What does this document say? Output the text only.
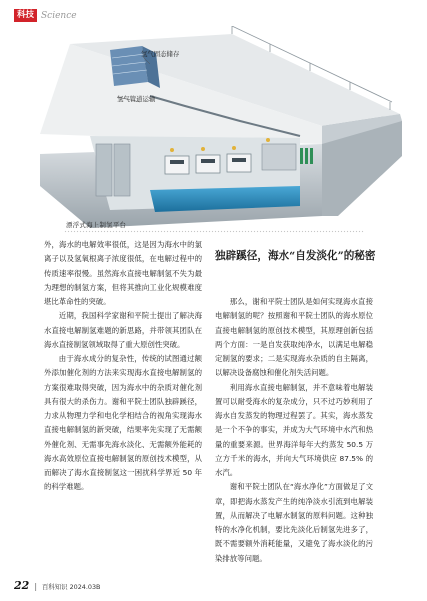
科技 Science
氢气固态储存
氢气管道运输
漂浮式海上制氢平台

外，海水的电解效率很低，这是因为海水中的氯离子以及氢氧根离子浓度很低，在电解过程中的传质速率很慢。虽然海水直接电解制氢不失为最为理想的制氢方案，但将其推向工业化规模难度堪比革命性的突破。

近期，我国科学家谢和平院士提出了解决海水直接电解制氢难题的新思路，并带领其团队在海水直接制氢领域取得了重大原创性突破。

由于海水成分的复杂性，传统的试图通过额外添加催化剂的方法来实现海水直接电解制氢的方案很难取得突破，因为海水中的杂质对催化剂具有很大的杀伤力。谢和平院士团队独辟蹊径，力求从物理力学和电化学相结合的视角实现海水直接电解制氢的新突破，结果率先实现了无需额外催化剂、无需事先海水淡化、无需额外能耗的海水高效原位直接电解制氢的原创技术模型，从而解决了海水直接制氢这一困扰科学界近 50 年的科学难题。

独辟蹊径，海水“自发淡化”的秘密

那么，谢和平院士团队是如何实现海水直接电解制氢的呢？按照谢和平院士团队的海水原位直接电解制氢的原创技术模型，其原理创新包括两个方面：一是自发获取纯净水，以满足电解稳定制氢的要求；二是实现海水杂质的自主隔离，以解决设备腐蚀和催化剂失活问题。

利用海水直接电解制氢，并不意味着电解装置可以耐受海水的复杂成分，只不过巧妙利用了海水自发蒸发的物理过程罢了。其实，海水蒸发是一个不争的事实，并成为大气环境中水汽和热量的重要来源。世界海洋每年大约蒸发 50.5 万立方千米的海水，并向大气环境供应 87.5% 的水汽。

谢和平院士团队在“海水净化”方面做足了文章，即把海水蒸发产生的纯净淡水引流到电解装置，从而解决了电解水制氢的原料问题。这种独特的水净化机制，要比先淡化后制氢先进多了，既不需要额外消耗能量，又避免了海水淡化的污染排放等问题。

22 | 百科知识 2024.03B
